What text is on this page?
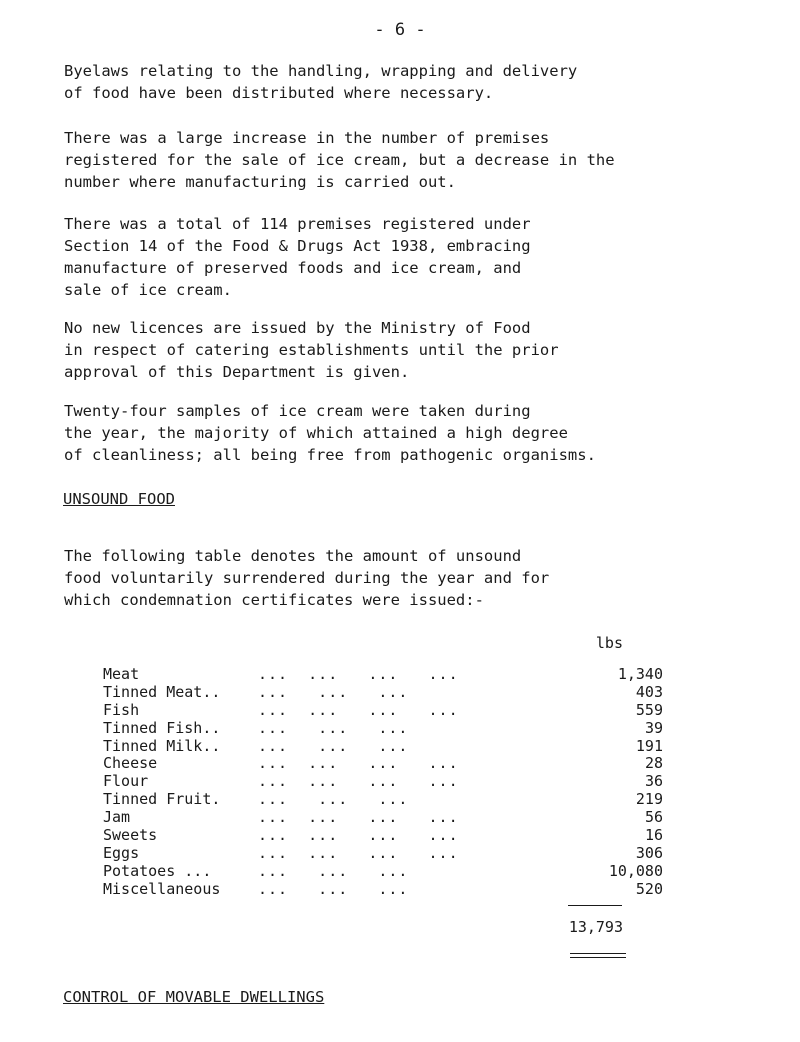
- 6 -

Byelaws relating to the handling, wrapping and delivery
of food have been distributed where necessary.

There was a large increase in the number of premises
registered for the sale of ice cream, but a decrease in the
number where manufacturing is carried out.

There was a total of 114 premises registered under
Section 14 of the Food & Drugs Act 1938, embracing
manufacture of preserved foods and ice cream, and
sale of ice cream.

No new licences are issued by the Ministry of Food
in respect of catering establishments until the prior
approval of this Department is given.

Twenty-four samples of ice cream were taken during
the year, the majority of which attained a high degree
of cleanliness; all being free from pathogenic organisms.

UNSOUND FOOD

The following table denotes the amount of unsound
food voluntarily surrendered during the year and for
which condemnation certificates were issued:-

lbs
Meat	...  ...   ...   ...	1,340
Tinned Meat..	...   ...   ...	403
Fish	...  ...   ...   ...	559
Tinned Fish..	...   ...   ...	39
Tinned Milk..	...   ...   ...	191
Cheese	...  ...   ...   ...	28
Flour	...  ...   ...   ...	36
Tinned Fruit.	...   ...   ...	219
Jam	...  ...   ...   ...	56
Sweets	...  ...   ...   ...	16
Eggs	...  ...   ...   ...	306
Potatoes ...	...   ...   ...	10,080
Miscellaneous	...   ...   ...	520
13,793
CONTROL OF MOVABLE DWELLINGS
